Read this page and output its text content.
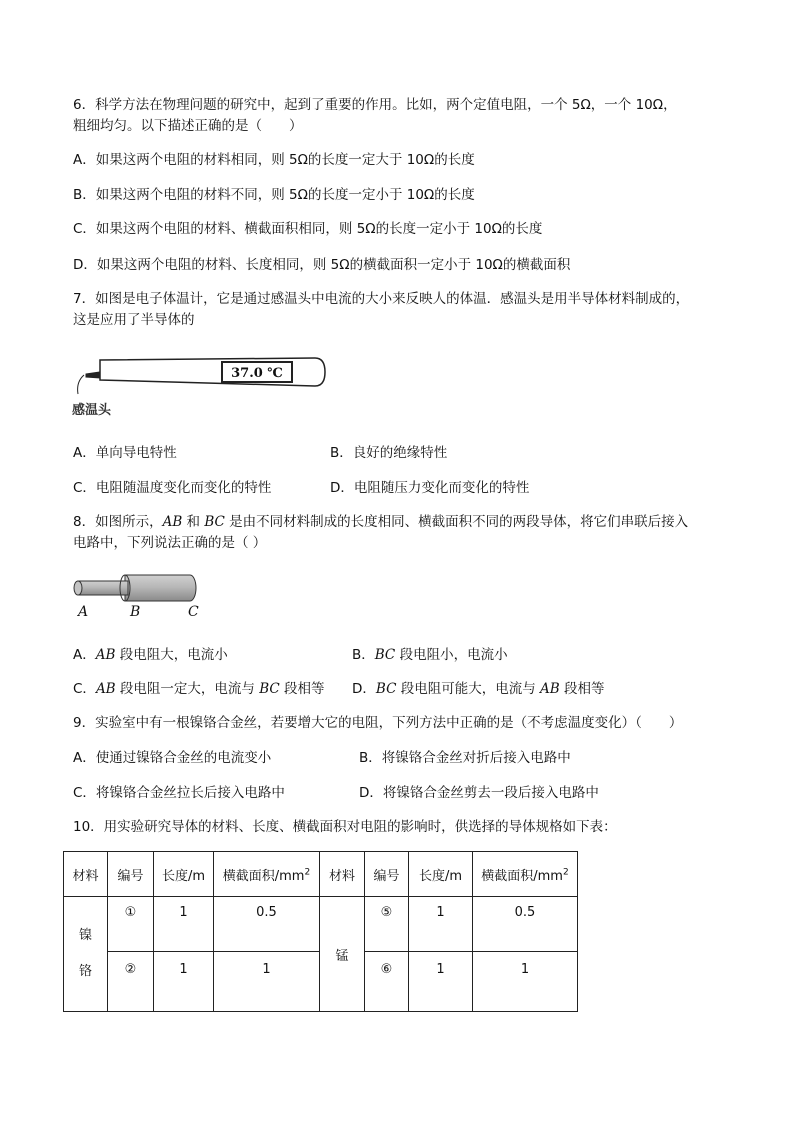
6．科学方法在物理问题的研究中，起到了重要的作用。比如，两个定值电阻，一个 5Ω，一个 10Ω，
粗细均匀。以下描述正确的是（　　）
A．如果这两个电阻的材料相同，则 5Ω的长度一定大于 10Ω的长度
B．如果这两个电阻的材料不同，则 5Ω的长度一定小于 10Ω的长度
C．如果这两个电阻的材料、横截面积相同，则 5Ω的长度一定小于 10Ω的长度
D．如果这两个电阻的材料、长度相同，则 5Ω的横截面积一定小于 10Ω的横截面积
7．如图是电子体温计，它是通过感温头中电流的大小来反映人的体温．感温头是用半导体材料制成的，
这是应用了半导体的
37.0 ℃
感温头
A．单向导电特性	B．良好的绝缘特性
C．电阻随温度变化而变化的特性	D．电阻随压力变化而变化的特性
8．如图所示，AB 和 BC 是由不同材料制成的长度相同、横截面积不同的两段导体，将它们串联后接入
电路中，下列说法正确的是（ ）
A	B	C
A．AB 段电阻大，电流小	B．BC 段电阻小，电流小
C．AB 段电阻一定大，电流与 BC 段相等 D．BC 段电阻可能大，电流与 AB 段相等
9．实验室中有一根镍铬合金丝，若要增大它的电阻，下列方法中正确的是（不考虑温度变化）（　　）
A．使通过镍铬合金丝的电流变小	B．将镍铬合金丝对折后接入电路中
C．将镍铬合金丝拉长后接入电路中	D．将镍铬合金丝剪去一段后接入电路中
10．用实验研究导体的材料、长度、横截面积对电阻的影响时，供选择的导体规格如下表：
材料	编号	长度/m	横截面积$/mm^2$	材料	编号	长度/m	横截面积$/mm^2$

镍
铬	①	1	0.5	锰	⑤	1	0.5
	②	1	1		⑥	1	1
